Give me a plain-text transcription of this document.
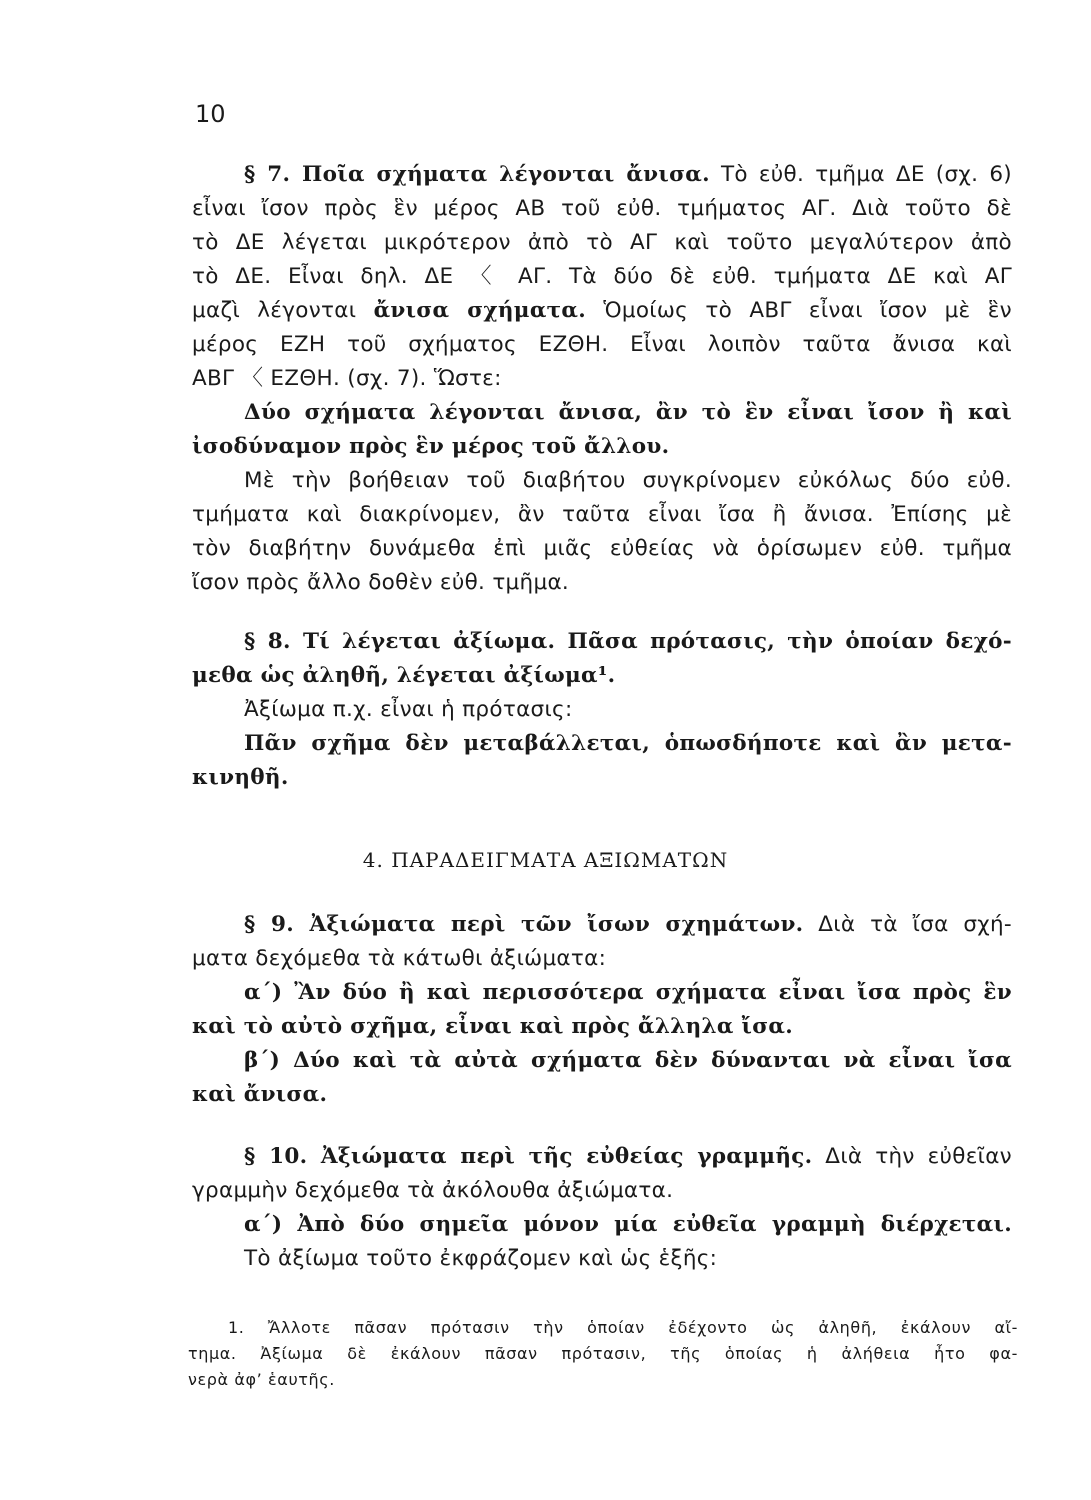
10
§ 7. Ποῖα σχήματα λέγονται ἄνισα. Τὸ εὐθ. τμῆμα ΔΕ (σχ. 6)
εἶναι ἴσον πρὸς ἓν μέρος ΑΒ τοῦ εὐθ. τμήματος ΑΓ. Διὰ τοῦτο δὲ
τὸ ΔΕ λέγεται μικρότερον ἀπὸ τὸ ΑΓ καὶ τοῦτο μεγαλύτερον ἀπὸ
τὸ ΔΕ. Εἶναι δηλ. ΔΕ 〈 ΑΓ. Τὰ δύο δὲ εὐθ. τμήματα ΔΕ καὶ ΑΓ
μαζὶ λέγονται ἄνισα σχήματα. Ὁμοίως τὸ ΑΒΓ εἶναι ἴσον μὲ ἓν
μέρος ΕΖΗ τοῦ σχήματος ΕΖΘΗ. Εἶναι λοιπὸν ταῦτα ἄνισα καὶ
ΑΒΓ 〈 ΕΖΘΗ. (σχ. 7). Ὥστε:
Δύο σχήματα λέγονται ἄνισα, ἂν τὸ ἓν εἶναι ἴσον ἢ καὶ
ἰσοδύναμον πρὸς ἓν μέρος τοῦ ἄλλου.
Μὲ τὴν βοήθειαν τοῦ διαβήτου συγκρίνομεν εὐκόλως δύο εὐθ.
τμήματα καὶ διακρίνομεν, ἂν ταῦτα εἶναι ἴσα ἢ ἄνισα. Ἐπίσης μὲ
τὸν διαβήτην δυνάμεθα ἐπὶ μιᾶς εὐθείας νὰ ὁρίσωμεν εὐθ. τμῆμα
ἴσον πρὸς ἄλλο δοθὲν εὐθ. τμῆμα.
§ 8. Τί λέγεται ἀξίωμα. Πᾶσα πρότασις, τὴν ὁποίαν δεχό-
μεθα ὡς ἀληθῆ, λέγεται ἀξίωμα¹.
Ἀξίωμα π.χ. εἶναι ἡ πρότασις:
Πᾶν σχῆμα δὲν μεταβάλλεται, ὁπωσδήποτε καὶ ἂν μετα-
κινηθῆ.
4. ΠΑΡΑΔΕΙΓΜΑΤΑ ΑΞΙΩΜΑΤΩΝ
§ 9. Ἀξιώματα περὶ τῶν ἴσων σχημάτων. Διὰ τὰ ἴσα σχή-
ματα δεχόμεθα τὰ κάτωθι ἀξιώματα:
α΄) Ἂν δύο ἢ καὶ περισσότερα σχήματα εἶναι ἴσα πρὸς ἓν
καὶ τὸ αὐτὸ σχῆμα, εἶναι καὶ πρὸς ἄλληλα ἴσα.
β΄) Δύο καὶ τὰ αὐτὰ σχήματα δὲν δύνανται νὰ εἶναι ἴσα
καὶ ἄνισα.
§ 10. Ἀξιώματα περὶ τῆς εὐθείας γραμμῆς. Διὰ τὴν εὐθεῖαν
γραμμὴν δεχόμεθα τὰ ἀκόλουθα ἀξιώματα.
α΄) Ἀπὸ δύο σημεῖα μόνον μία εὐθεῖα γραμμὴ διέρχεται.
Τὸ ἀξίωμα τοῦτο ἐκφράζομεν καὶ ὡς ἑξῆς:
1. Ἄλλοτε πᾶσαν πρότασιν τὴν ὁποίαν ἐδέχοντο ὡς ἀληθῆ, ἐκάλουν αἴ-
τημα. Ἀξίωμα δὲ ἐκάλουν πᾶσαν πρότασιν, τῆς ὁποίας ἡ ἀλήθεια ἦτο φα-
νερὰ ἀφ’ ἑαυτῆς.
